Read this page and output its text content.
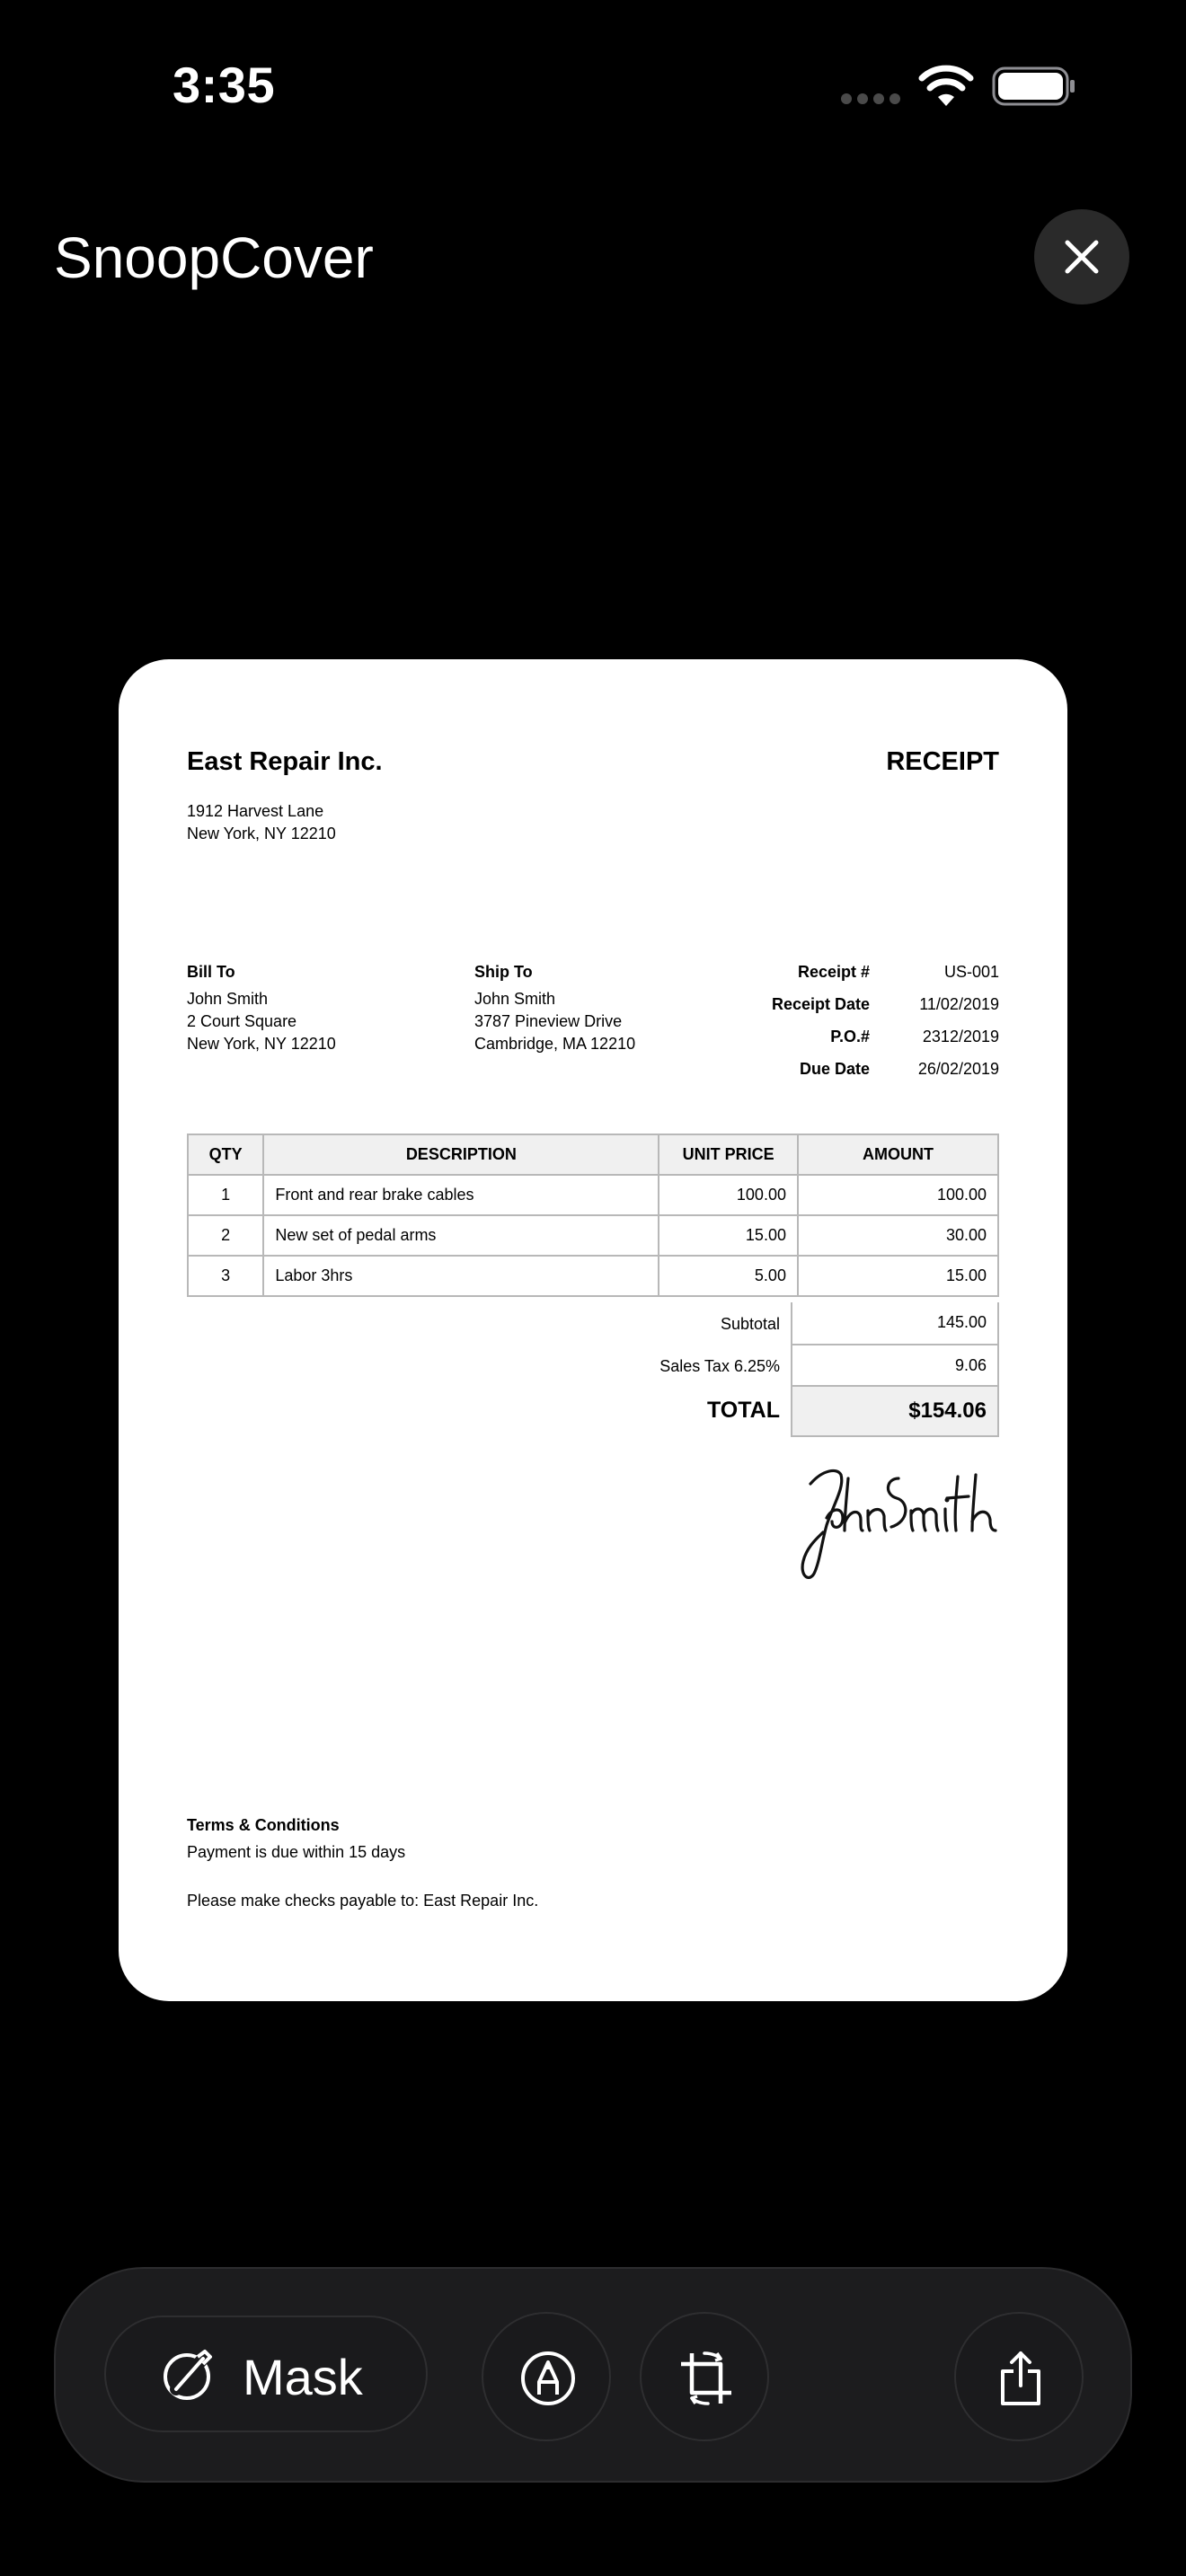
3:35
SnoopCover
East Repair Inc.	RECEIPT
1912 Harvest Lane
New York, NY 12210
Bill To
John Smith
2 Court Square
New York, NY 12210
Ship To
John Smith
3787 Pineview Drive
Cambridge, MA 12210
Receipt #	US-001
Receipt Date	11/02/2019
P.O.#	2312/2019
Due Date	26/02/2019
QTY	DESCRIPTION	UNIT PRICE	AMOUNT
1	Front and rear brake cables	100.00	100.00
2	New set of pedal arms	15.00	30.00
3	Labor 3hrs	5.00	15.00
Subtotal	145.00
Sales Tax 6.25%	9.06
TOTAL	$154.06
Terms & Conditions
Payment is due within 15 days
Please make checks payable to: East Repair Inc.
Mask
